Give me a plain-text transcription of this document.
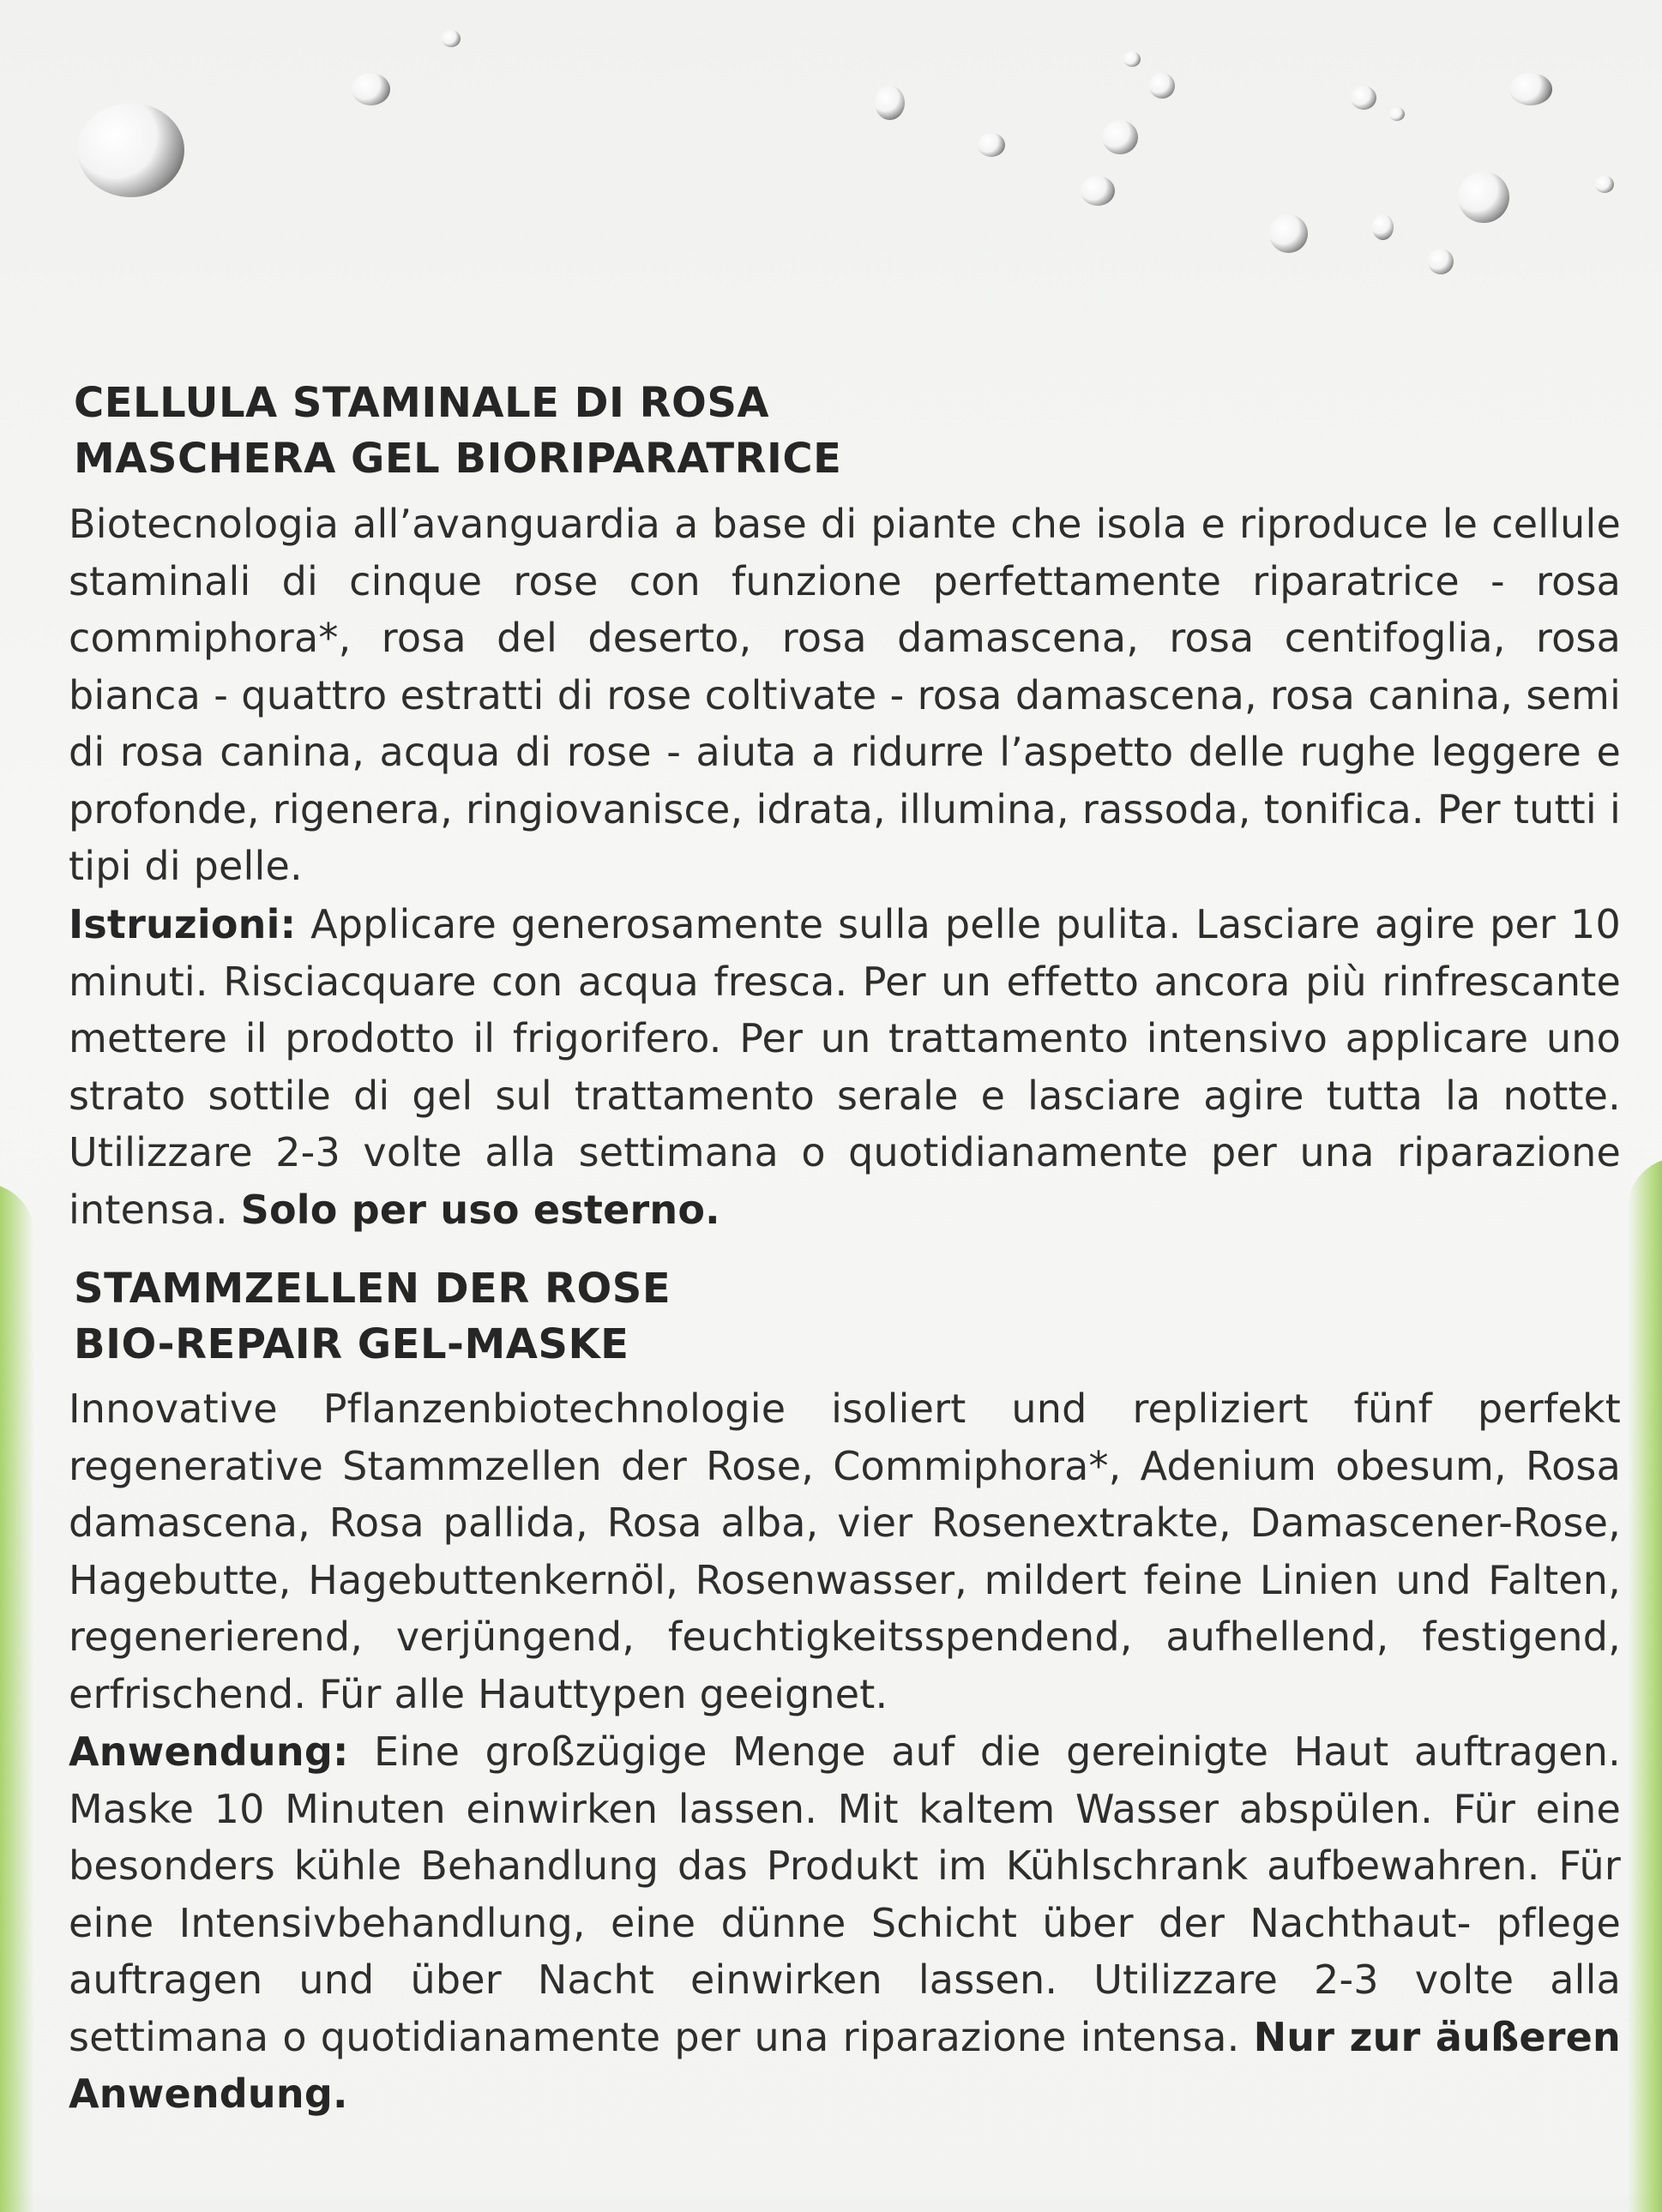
CELLULA STAMINALE DI ROSA
MASCHERA GEL BIORIPARATRICE

Biotecnologia all’avanguardia a base di piante che isola e riproduce le cellule staminali di cinque rose con funzione perfettamente riparatrice - rosa commiphora*, rosa del deserto, rosa damascena, rosa centifoglia, rosa bianca - quattro estratti di rose coltivate - rosa damascena, rosa canina, semi di rosa canina, acqua di rose - aiuta a ridurre l’aspetto delle rughe leggere e profonde, rigenera, ringiovanisce, idrata, illumina, rassoda, tonifica. Per tutti i tipi di pelle.

Istruzioni: Applicare generosamente sulla pelle pulita. Lasciare agire per 10 minuti. Risciacquare con acqua fresca. Per un effetto ancora più rinfrescante mettere il prodotto il frigorifero. Per un trattamento intensivo applicare uno strato sottile di gel sul trattamento serale e lasciare agire tutta la notte. Utilizzare 2-3 volte alla settimana o quotidianamente per una riparazione intensa. Solo per uso esterno.

STAMMZELLEN DER ROSE
BIO-REPAIR GEL-MASKE

Innovative Pflanzenbiotechnologie isoliert und repliziert fünf perfekt regenerative Stammzellen der Rose, Commiphora*, Adenium obesum, Rosa damascena, Rosa pallida, Rosa alba, vier Rosenextrakte, Damascener-Rose, Hagebutte, Hagebuttenkernöl, Rosenwasser, mildert feine Linien und Falten, regenerierend, verjüngend, feuchtigkeitsspendend, aufhellend, festigend, erfrischend. Für alle Hauttypen geeignet.

Anwendung: Eine großzügige Menge auf die gereinigte Haut auftragen. Maske 10 Minuten einwirken lassen. Mit kaltem Wasser abspülen. Für eine besonders kühle Behandlung das Produkt im Kühlschrank aufbewahren. Für eine Intensivbehandlung, eine dünne Schicht über der Nachthaut- pflege auftragen und über Nacht einwirken lassen. Utilizzare 2-3 volte alla settimana o quotidianamente per una riparazione intensa. Nur zur äußeren Anwendung.
